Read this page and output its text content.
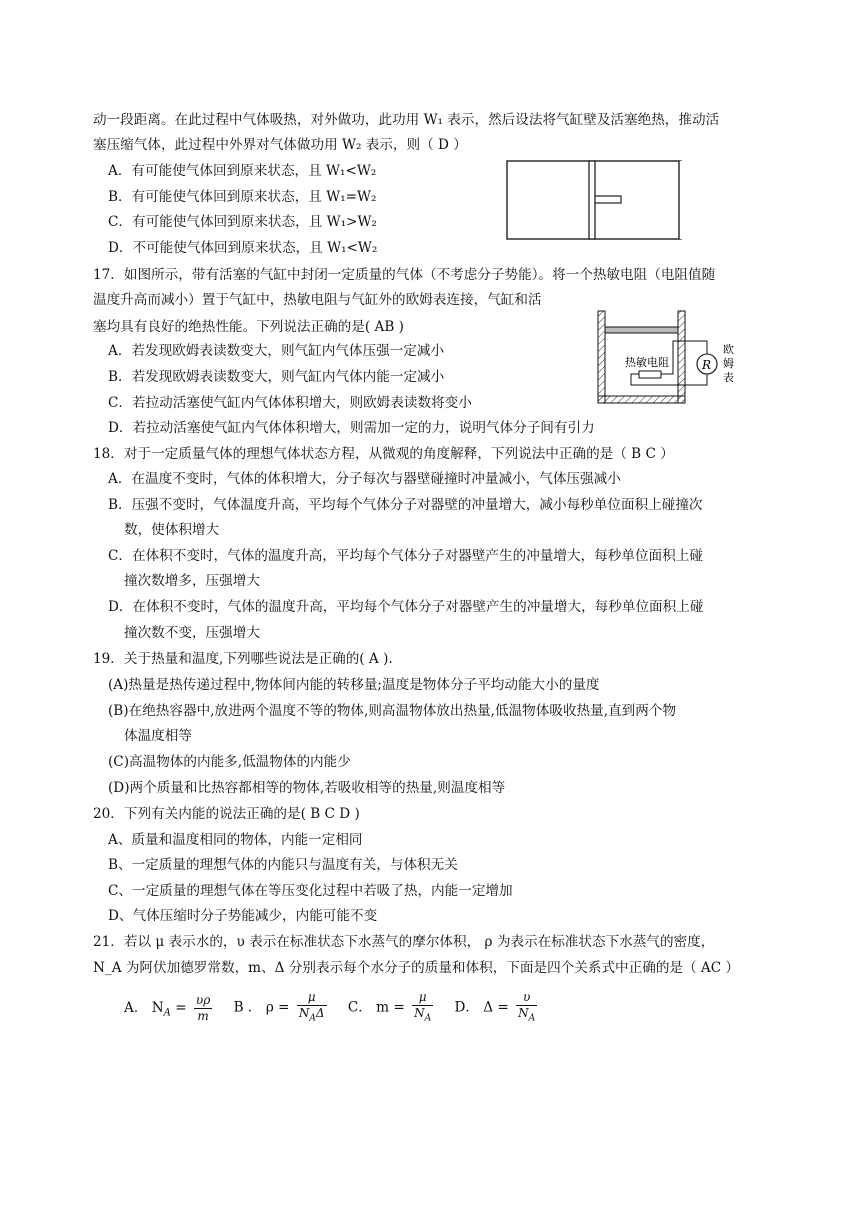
动一段距离。在此过程中气体吸热，对外做功，此功用 W₁ 表示，然后设法将气缸壁及活塞绝热，推动活
塞压缩气体，此过程中外界对气体做功用 W₂ 表示，则（ D ）
A．有可能使气体回到原来状态，且 W₁<W₂
B．有可能使气体回到原来状态，且 W₁=W₂
C．有可能使气体回到原来状态，且 W₁>W₂
D．不可能使气体回到原来状态，且 W₁<W₂
17．如图所示，带有活塞的气缸中封闭一定质量的气体（不考虑分子势能）。将一个热敏电阻（电阻值随
温度升高而减小）置于气缸中，热敏电阻与气缸外的欧姆表连接，气缸和活
塞均具有良好的绝热性能。下列说法正确的是( AB )
A．若发现欧姆表读数变大，则气缸内气体压强一定减小
B．若发现欧姆表读数变大，则气缸内气体内能一定减小
C．若拉动活塞使气缸内气体体积增大，则欧姆表读数将变小
D．若拉动活塞使气缸内气体体积增大，则需加一定的力，说明气体分子间有引力
热敏电阻	R
欧
姆
表
18．对于一定质量气体的理想气体状态方程，从微观的角度解释，下列说法中正确的是（ B C ）
A．在温度不变时，气体的体积增大，分子每次与器壁碰撞时冲量减小，气体压强减小
B．压强不变时，气体温度升高，平均每个气体分子对器壁的冲量增大，减小每秒单位面积上碰撞次
数，使体积增大
C．在体积不变时，气体的温度升高，平均每个气体分子对器壁产生的冲量增大，每秒单位面积上碰
撞次数增多，压强增大
D．在体积不变时，气体的温度升高，平均每个气体分子对器壁产生的冲量增大，每秒单位面积上碰
撞次数不变，压强增大
19．关于热量和温度,下列哪些说法是正确的( A ).
(A)热量是热传递过程中,物体间内能的转移量;温度是物体分子平均动能大小的量度
(B)在绝热容器中,放进两个温度不等的物体,则高温物体放出热量,低温物体吸收热量,直到两个物
体温度相等
(C)高温物体的内能多,低温物体的内能少
(D)两个质量和比热容都相等的物体,若吸收相等的热量,则温度相等
20．下列有关内能的说法正确的是( B C D )
A、质量和温度相同的物体，内能一定相同
B、一定质量的理想气体的内能只与温度有关，与体积无关
C、一定质量的理想气体在等压变化过程中若吸了热，内能一定增加
D、气体压缩时分子势能减少，内能可能不变
21．若以 μ 表示水的，υ 表示在标准状态下水蒸气的摩尔体积， ρ 为表示在标准状态下水蒸气的密度，
N_A 为阿伏加德罗常数，m、Δ 分别表示每个水分子的质量和体积，下面是四个关系式中正确的是（ AC ）
A． $N_A = \frac{\upsilon\rho}{m}$ B ． $\rho = \frac{\mu}{N_A\Delta}$ C． $m = \frac{\mu}{N_A}$ D． $\Delta = \frac{\upsilon}{N_A}$
